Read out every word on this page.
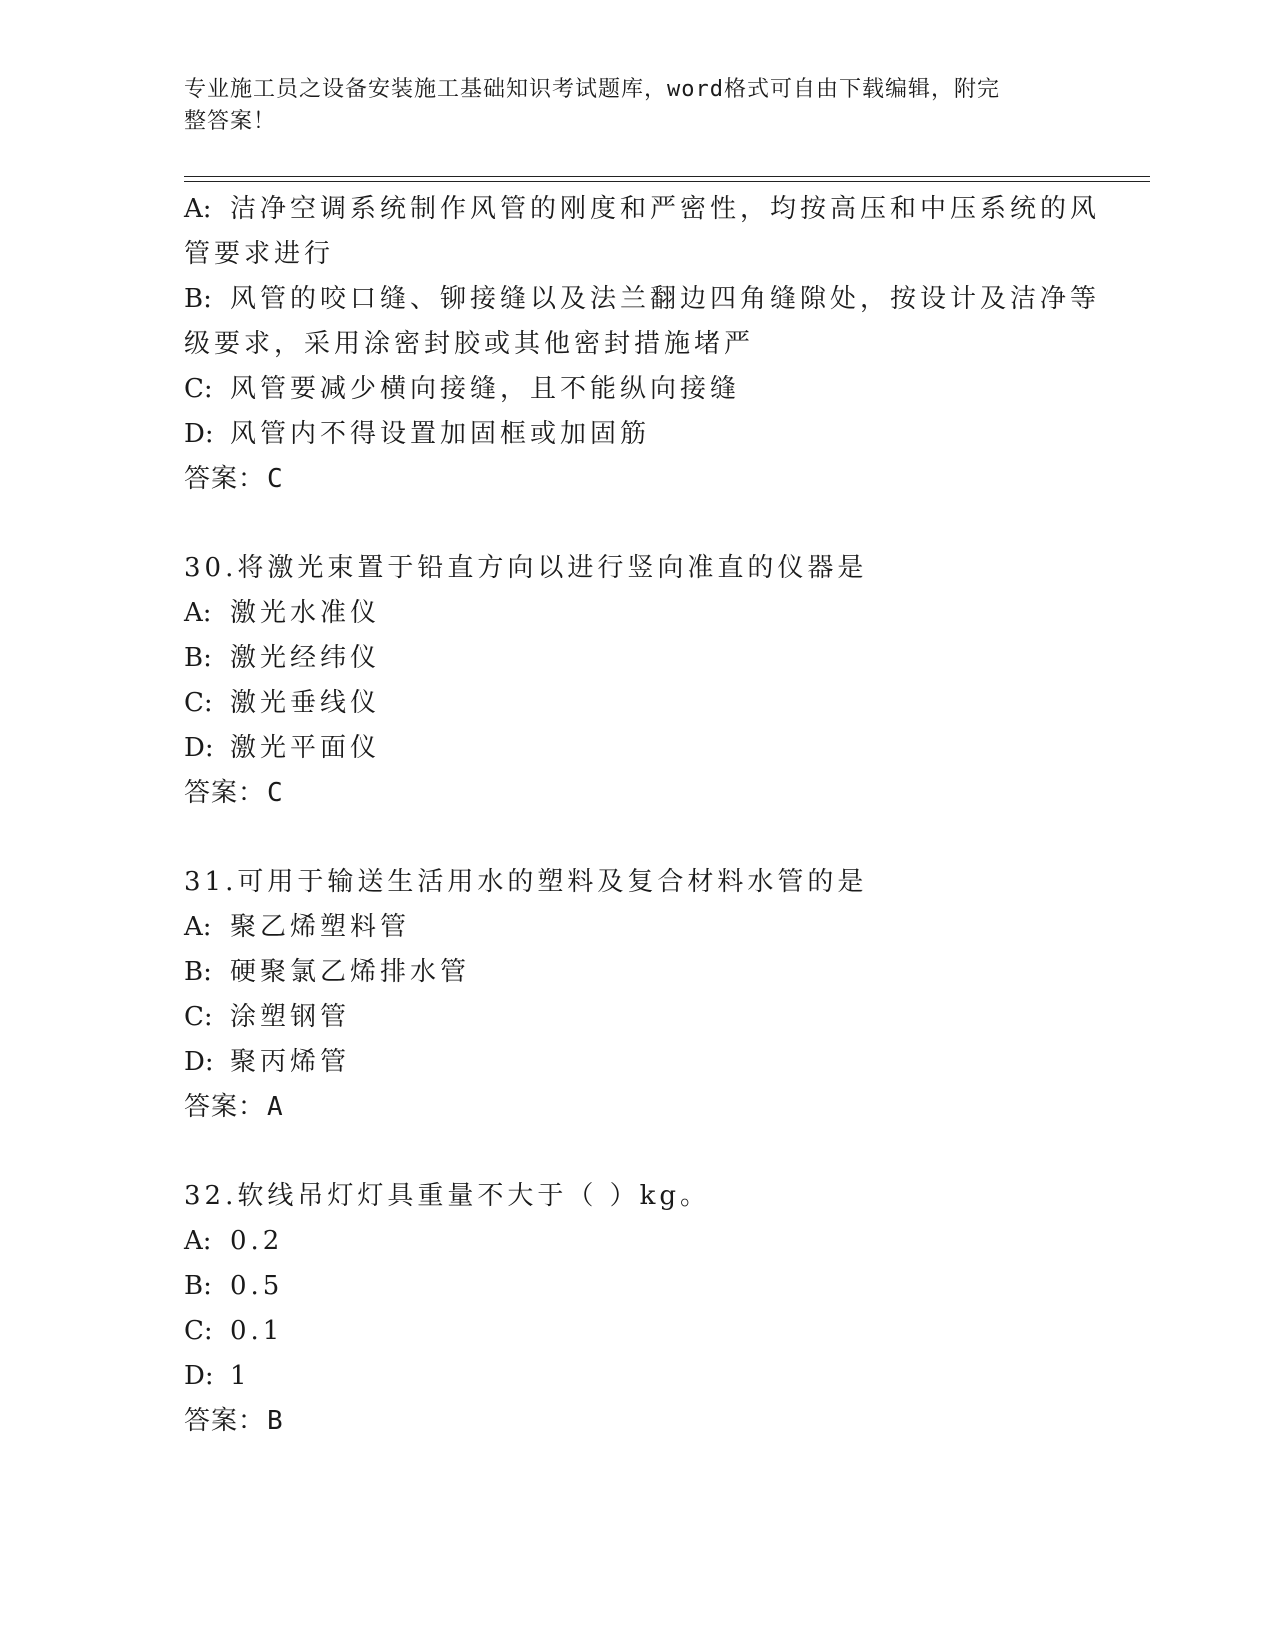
专业施工员之设备安装施工基础知识考试题库，word格式可自由下载编辑，附完
整答案！
A: 洁净空调系统制作风管的刚度和严密性，均按高压和中压系统的风
管要求进行
B: 风管的咬口缝、铆接缝以及法兰翻边四角缝隙处，按设计及洁净等
级要求，采用涂密封胶或其他密封措施堵严
C: 风管要减少横向接缝，且不能纵向接缝
D: 风管内不得设置加固框或加固筋
答案：C
30.将激光束置于铅直方向以进行竖向准直的仪器是
A: 激光水准仪
B: 激光经纬仪
C: 激光垂线仪
D: 激光平面仪
答案：C
31.可用于输送生活用水的塑料及复合材料水管的是
A: 聚乙烯塑料管
B: 硬聚氯乙烯排水管
C: 涂塑钢管
D: 聚丙烯管
答案：A
32.软线吊灯灯具重量不大于（ ）kg。
A: 0.2
B: 0.5
C: 0.1
D: 1
答案：B
